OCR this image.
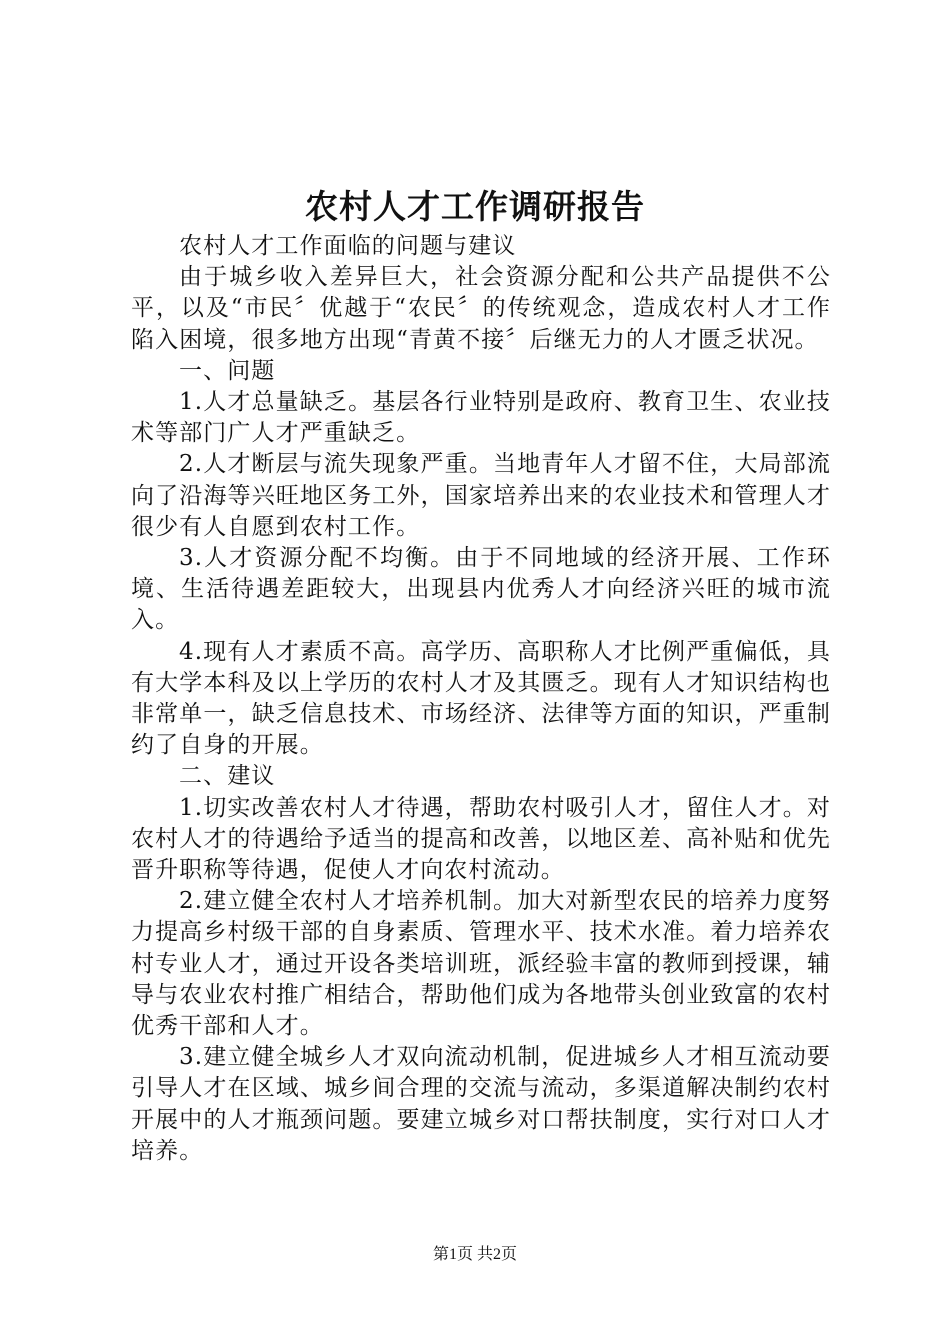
农村人才工作调研报告

农村人才工作面临的问题与建议

由于城乡收入差异巨大，社会资源分配和公共产品提供不公平，以及“市民〞优越于“农民〞的传统观念，造成农村人才工作陷入困境，很多地方出现“青黄不接〞后继无力的人才匮乏状况。

一、问题

1.人才总量缺乏。基层各行业特别是政府、教育卫生、农业技术等部门广人才严重缺乏。

2.人才断层与流失现象严重。当地青年人才留不住，大局部流向了沿海等兴旺地区务工外，国家培养出来的农业技术和管理人才很少有人自愿到农村工作。

3.人才资源分配不均衡。由于不同地域的经济开展、工作环境、生活待遇差距较大，出现县内优秀人才向经济兴旺的城市流入。

4.现有人才素质不高。高学历、高职称人才比例严重偏低，具有大学本科及以上学历的农村人才及其匮乏。现有人才知识结构也非常单一，缺乏信息技术、市场经济、法律等方面的知识，严重制约了自身的开展。

二、建议

1.切实改善农村人才待遇，帮助农村吸引人才，留住人才。对农村人才的待遇给予适当的提高和改善，以地区差、高补贴和优先晋升职称等待遇，促使人才向农村流动。

2.建立健全农村人才培养机制。加大对新型农民的培养力度努力提高乡村级干部的自身素质、管理水平、技术水准。着力培养农村专业人才，通过开设各类培训班，派经验丰富的教师到授课，辅导与农业农村推广相结合，帮助他们成为各地带头创业致富的农村优秀干部和人才。

3.建立健全城乡人才双向流动机制，促进城乡人才相互流动要引导人才在区域、城乡间合理的交流与流动，多渠道解决制约农村开展中的人才瓶颈问题。要建立城乡对口帮扶制度，实行对口人才培养。

第1页 共2页
